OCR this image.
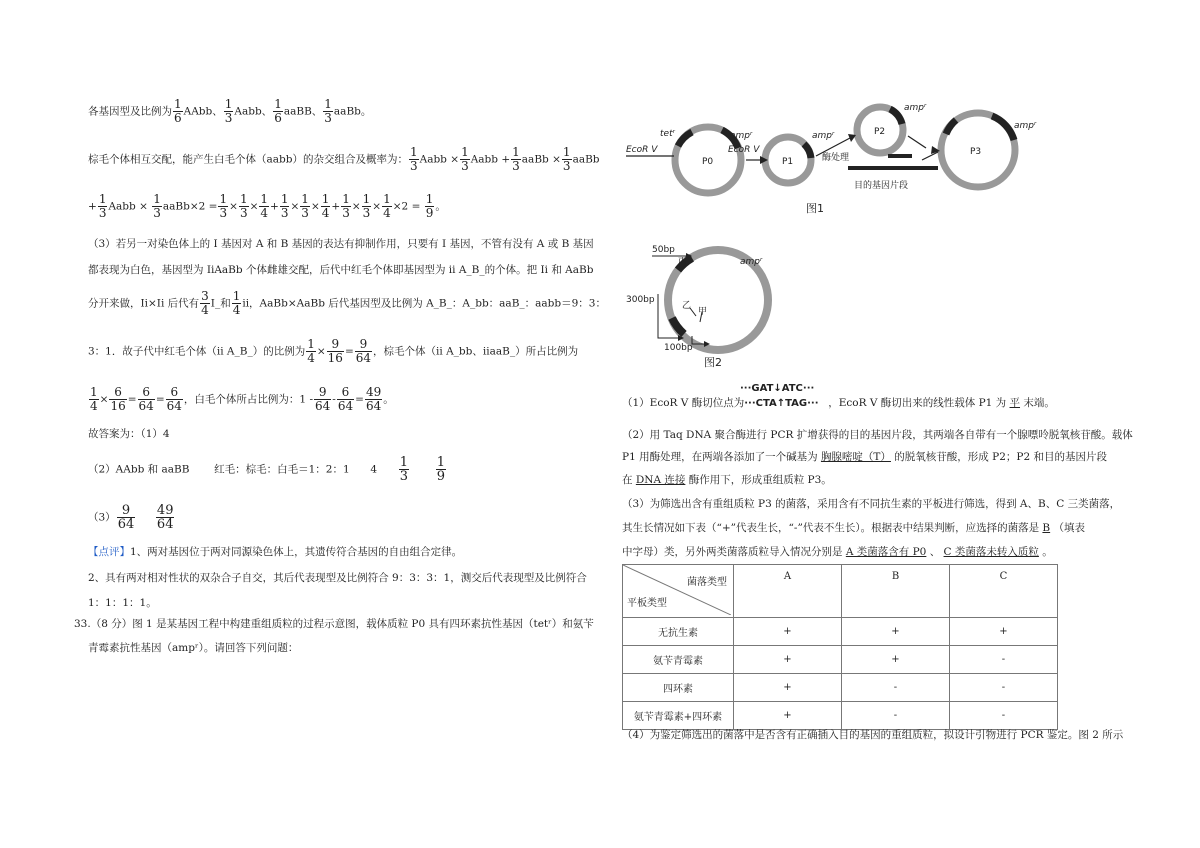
各基因型及比例为 $\frac{1}{6}$ AAbb、 $\frac{1}{3}$ Aabb、 $\frac{1}{6}$ aaBB、 $\frac{1}{3}$ aaBb。
棕毛个体相互交配，能产生白毛个体（aabb）的杂交组合及概率为： $\frac{1}{3}$ Aabb × $\frac{1}{3}$ Aabb + $\frac{1}{3}$ aaBb × $\frac{1}{3}$ aaBb
+ $\frac{1}{3}$ Aabb × $\frac{1}{3}$ aaBb×2 = $\frac{1}{3} \times \frac{1}{3} \times \frac{1}{4} + \frac{1}{3} \times \frac{1}{3} \times \frac{1}{4} + \frac{1}{3} \times \frac{1}{3} \times \frac{1}{4} \times 2 = \frac{1}{9}$ 。
（3）若另一对染色体上的 I 基因对 A 和 B 基因的表达有抑制作用，只要有 I 基因，不管有没有 A 或 B 基因
都表现为白色，基因型为 IiAaBb 个体雌雄交配，后代中红毛个体即基因型为 ii A_B_的个体。把 Ii 和 AaBb
分开来做，Ii×Ii 后代有 $\frac{3}{4}$ I_和 $\frac{1}{4}$ ii，AaBb×AaBb 后代基因型及比例为 A_B_：A_bb：aaB_：aabb＝9：3：
3：1．故子代中红毛个体（ii A_B_）的比例为 $\frac{1}{4} \times \frac{9}{16} = \frac{9}{64}$ ，棕毛个体（ii A_bb、iiaaB_）所占比例为
$\frac{1}{4} \times \frac{6}{16} = \frac{6}{64} = \frac{6}{64}$ ，白毛个体所占比例为：$1 - \frac{9}{64} - \frac{6}{64} = \frac{49}{64}$ 。
故答案为：（1）4
（2）AAbb 和 aaBB 红毛：棕毛：白毛＝1：2：1 $4 \frac{1}{3}$
$\frac{1}{9}$
$(3) \frac{9}{64}$
$\frac{49}{64}$
【点评】1、两对基因位于两对同源染色体上，其遗传符合基因的自由组合定律。
2、具有两对相对性状的双杂合子自交，其后代表现型及比例符合 9：3：3：1，测交后代表现型及比例符合
1：1：1：1。
33.（8 分）图 1 是某基因工程中构建重组质粒的过程示意图，载体质粒 P0 具有四环素抗性基因（tetʳ）和氨苄
青霉素抗性基因（ampʳ）。请回答下列问题：
tetʳ	ampʳ
EcoR V
P0
EcoR V
P1
ampʳ
酶处理
P2
ampʳ
P3
ampʳ
目的基因片段
图1
50bp
丙	ampʳ
300bp
乙
甲
100bp
图2
···GAT↓ATC···
（1）EcoR V 酶切位点为···CTA↑TAG··· ，EcoR V 酶切出来的线性载体 P1 为 平 末端。
（2）用 Taq DNA 聚合酶进行 PCR 扩增获得的目的基因片段，其两端各自带有一个腺嘌呤脱氧核苷酸。载体
P1 用酶处理，在两端各添加了一个碱基为 胸腺嘧啶（T） 的脱氧核苷酸，形成 P2；P2 和目的基因片段
在 DNA 连接 酶作用下，形成重组质粒 P3。
（3）为筛选出含有重组质粒 P3 的菌落，采用含有不同抗生素的平板进行筛选，得到 A、B、C 三类菌落，
其生长情况如下表（“+”代表生长，“-”代表不生长）。根据表中结果判断，应选择的菌落是 B （填表
中字母）类，另外两类菌落质粒导入情况分别是 A 类菌落含有 P0 、 C 类菌落未转入质粒 。
菌落类型
平板类型	A	B	C
无抗生素	+	+	+
氨苄青霉素	+	+	-
四环素	+	-	-
氨苄青霉素+四环素	+	-	-
（4）为鉴定筛选出的菌落中是否含有正确插入目的基因的重组质粒，拟设计引物进行 PCR 鉴定。图 2 所示
